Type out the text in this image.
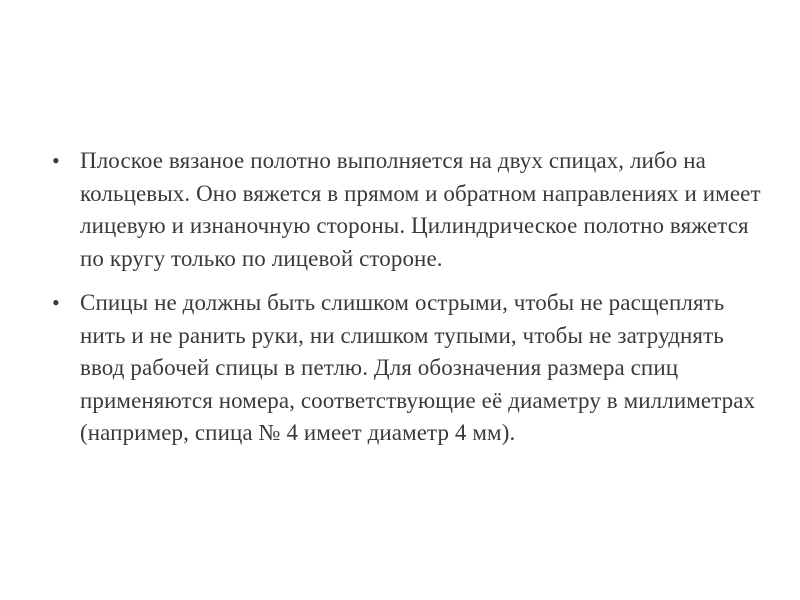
• Плоское вязаное полотно выполняется на двух спицах, либо на кольцевых. Оно вяжется в прямом и обратном направлениях и имеет лицевую и изнаночную стороны. Цилиндрическое полотно вяжется по кругу только по лицевой стороне.
• Спицы не должны быть слишком острыми, чтобы не расщеплять нить и не ранить руки, ни слишком тупыми, чтобы не затруднять ввод рабочей спицы в петлю. Для обозначения размера спиц применяются номера, соответствующие её диаметру в миллиметрах (например, спица № 4 имеет диаметр 4 мм).
